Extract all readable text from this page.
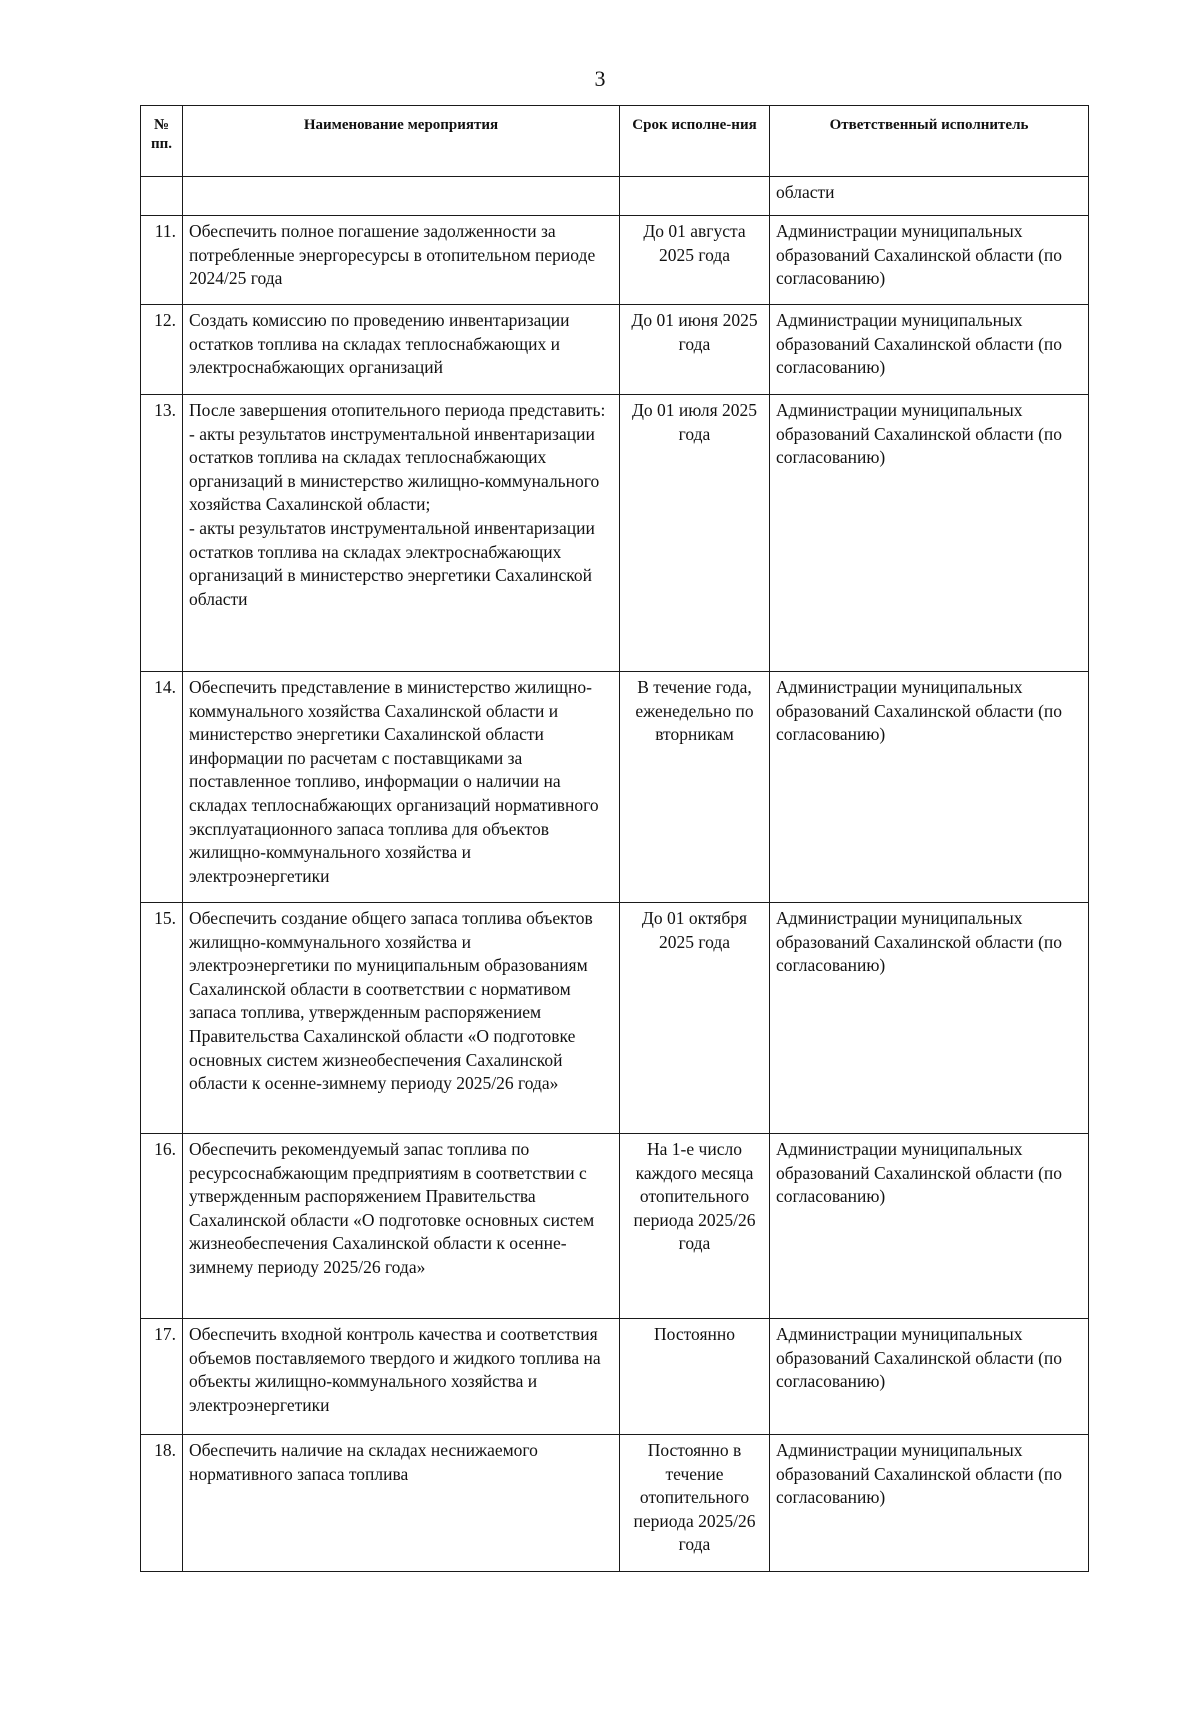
3
№ пп.	Наименование мероприятия	Срок исполне-ния	Ответственный исполнитель
			области
11.	Обеспечить полное погашение задолженности за потребленные энергоресурсы в отопительном периоде 2024/25 года	До 01 августа 2025 года	Администрации муниципальных образований Сахалинской области (по согласованию)
12.	Создать комиссию по проведению инвентаризации остатков топлива на складах теплоснабжающих и электроснабжающих организаций	До 01 июня 2025 года	Администрации муниципальных образований Сахалинской области (по согласованию)
13.	После завершения отопительного периода представить:
- акты результатов инструментальной инвентаризации остатков топлива на складах теплоснабжающих организаций в министерство жилищно-коммунального хозяйства Сахалинской области;
- акты результатов инструментальной инвентаризации остатков топлива на складах электроснабжающих организаций в министерство энергетики Сахалинской области	До 01 июля 2025 года	Администрации муниципальных образований Сахалинской области (по согласованию)
14.	Обеспечить представление в министерство жилищно-коммунального хозяйства Сахалинской области и министерство энергетики Сахалинской области информации по расчетам с поставщиками за поставленное топливо, информации о наличии на складах теплоснабжающих организаций нормативного эксплуатационного запаса топлива для объектов жилищно-коммунального хозяйства и электроэнергетики	В течение года, еженедельно по вторникам	Администрации муниципальных образований Сахалинской области (по согласованию)
15.	Обеспечить создание общего запаса топлива объектов жилищно-коммунального хозяйства и электроэнергетики по муниципальным образованиям Сахалинской области в соответствии с нормативом запаса топлива, утвержденным распоряжением Правительства Сахалинской области «О подготовке основных систем жизнеобеспечения Сахалинской области к осенне-зимнему периоду 2025/26 года»	До 01 октября 2025 года	Администрации муниципальных образований Сахалинской области (по согласованию)
16.	Обеспечить рекомендуемый запас топлива по ресурсоснабжающим предприятиям в соответствии с утвержденным распоряжением Правительства Сахалинской области «О подготовке основных систем жизнеобеспечения Сахалинской области к осенне-зимнему периоду 2025/26 года»	На 1-е число каждого месяца отопительного периода 2025/26 года	Администрации муниципальных образований Сахалинской области (по согласованию)
17.	Обеспечить входной контроль качества и соответствия объемов поставляемого твердого и жидкого топлива на объекты жилищно-коммунального хозяйства и электроэнергетики	Постоянно	Администрации муниципальных образований Сахалинской области (по согласованию)
18.	Обеспечить наличие на складах неснижаемого нормативного запаса топлива	Постоянно в течение отопительного периода 2025/26 года	Администрации муниципальных образований Сахалинской области (по согласованию)
